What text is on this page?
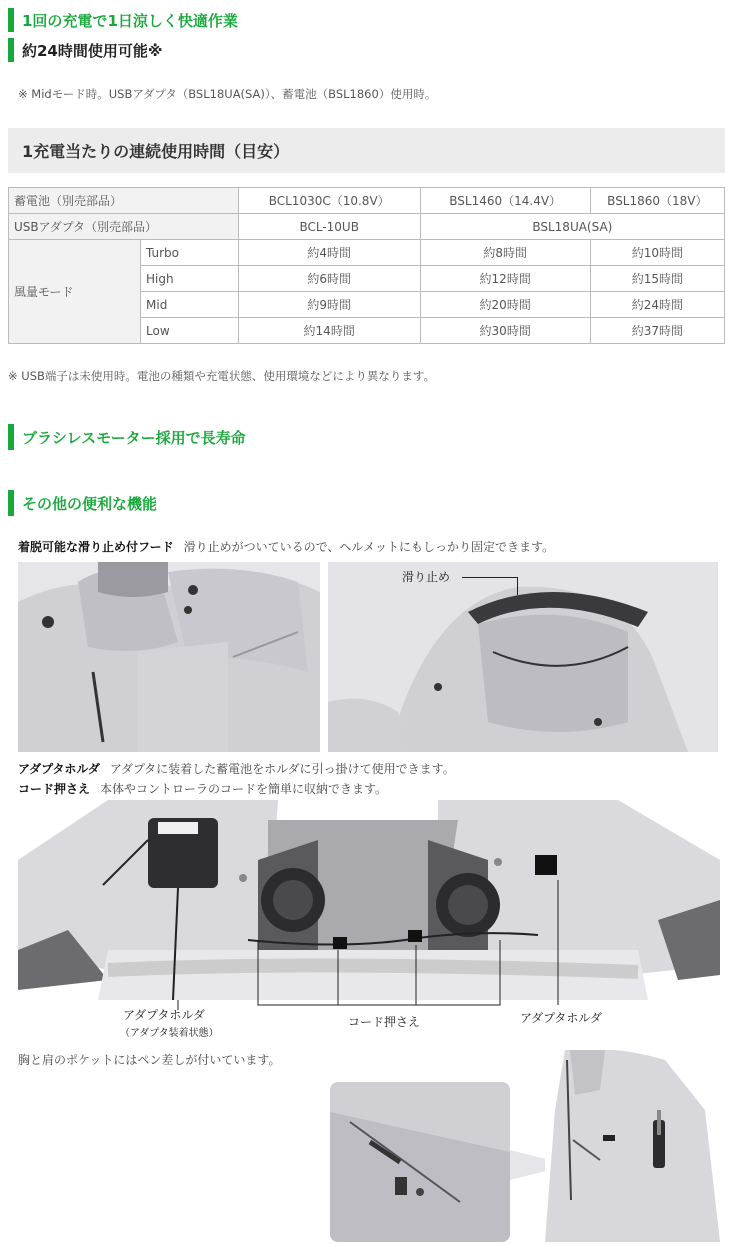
1回の充電で1日涼しく快適作業
約24時間使用可能※
※ Midモード時。USBアダプタ（BSL18UA(SA)）、蓄電池（BSL1860）使用時。
1充電当たりの連続使用時間（目安）
蓄電池（別売部品）		BCL1030C（10.8V）	BSL1460（14.4V）	BSL1860（18V）
USBアダプタ（別売部品）		BCL-10UB	BSL18UA(SA)	
風量モード	Turbo	約4時間	約8時間	約10時間
	High	約6時間	約12時間	約15時間
	Mid	約9時間	約20時間	約24時間
	Low	約14時間	約30時間	約37時間
※ USB端子は未使用時。電池の種類や充電状態、使用環境などにより異なります。
ブラシレスモーター採用で長寿命
その他の便利な機能
着脱可能な滑り止め付フード 滑り止めがついているので、ヘルメットにもしっかり固定できます。
滑り止め
アダプタホルダ アダプタに装着した蓄電池をホルダに引っ掛けて使用できます。
コード押さえ 本体やコントローラのコードを簡単に収納できます。
アダプタホルダ
（アダプタ装着状態）
コード押さえ	アダプタホルダ
胸と肩のポケットにはペン差しが付いています。
